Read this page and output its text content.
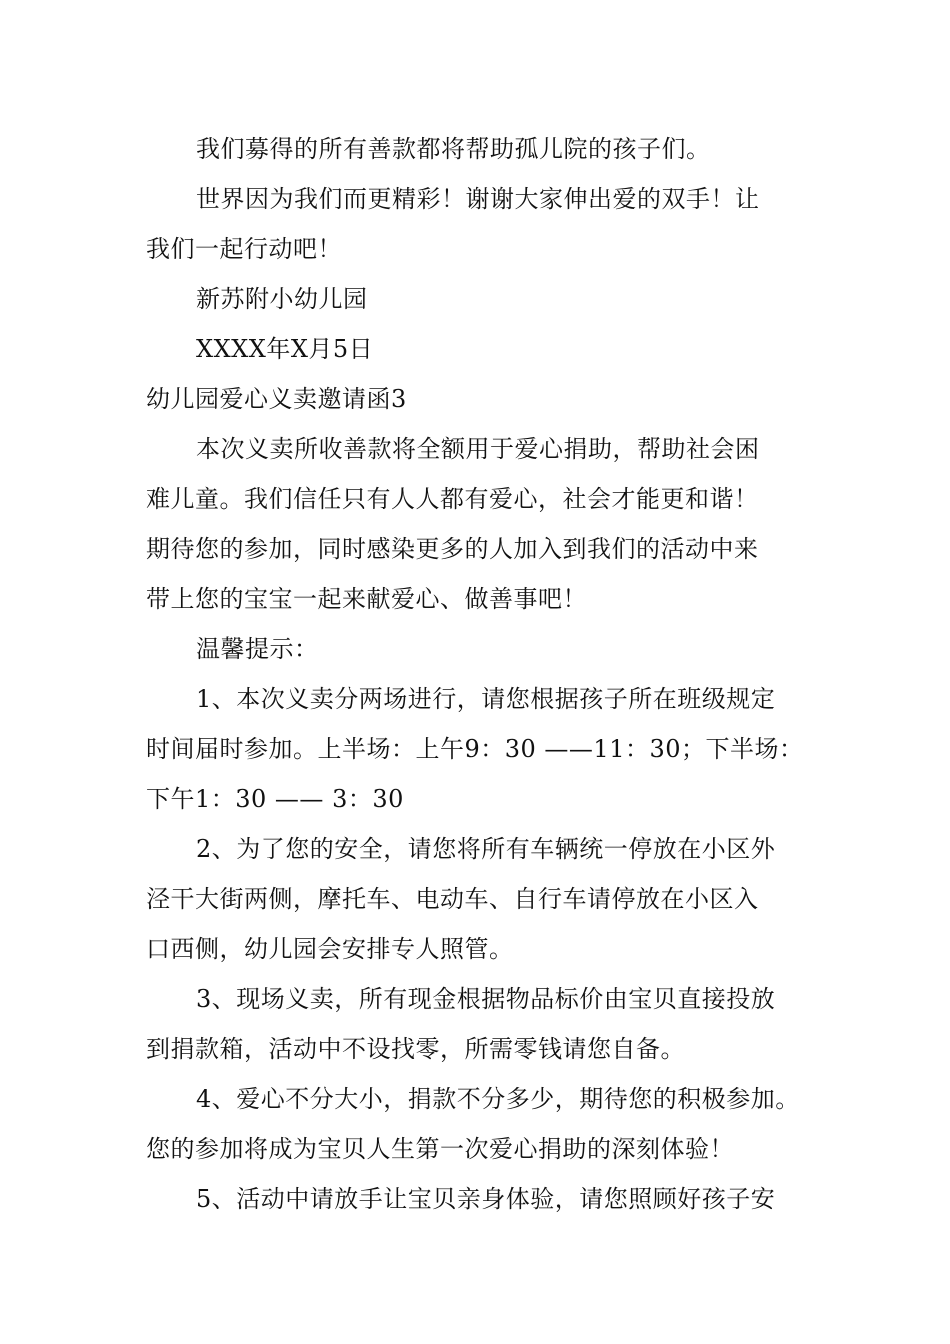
我们募得的所有善款都将帮助孤儿院的孩子们。
世界因为我们而更精彩！谢谢大家伸出爱的双手！让
我们一起行动吧！
新苏附小幼儿园
XXXX年X月5日
幼儿园爱心义卖邀请函3
本次义卖所收善款将全额用于爱心捐助，帮助社会困
难儿童。我们信任只有人人都有爱心，社会才能更和谐！
期待您的参加，同时感染更多的人加入到我们的活动中来
带上您的宝宝一起来献爱心、做善事吧！
温馨提示：
1、本次义卖分两场进行，请您根据孩子所在班级规定
时间届时参加。上半场：上午9：30 ——11：30；下半场：
下午1：30 —— 3：30
2、为了您的安全，请您将所有车辆统一停放在小区外
泾干大街两侧，摩托车、电动车、自行车请停放在小区入
口西侧，幼儿园会安排专人照管。
3、现场义卖，所有现金根据物品标价由宝贝直接投放
到捐款箱，活动中不设找零，所需零钱请您自备。
4、爱心不分大小，捐款不分多少，期待您的积极参加。
您的参加将成为宝贝人生第一次爱心捐助的深刻体验！
5、活动中请放手让宝贝亲身体验，请您照顾好孩子安
